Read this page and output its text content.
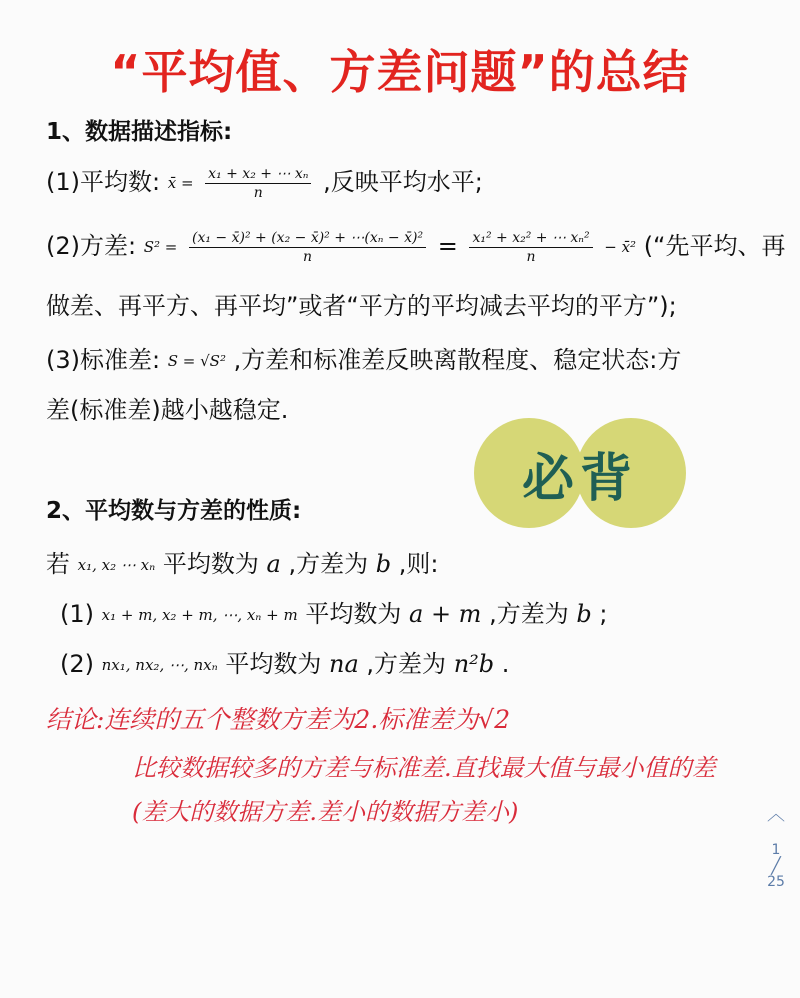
“平均值、方差问题”的总结
1、数据描述指标:
(1)平均数: x̄ = $\frac{\text{x₁ + x₂ + ⋯ xₙ}}{n}$ ,反映平均水平;
(2)方差: $S^2 = \frac{\text{(x₁ − x̄)² + (x₂ − x̄)² + ⋯(xₙ − x̄)²}}{n} = \frac{\text{x₁² + x₂² + ⋯ xₙ²}}{n}$ − x̄² (“先平均、再
做差、再平方、再平均”或者“平方的平均减去平均的平方”);
(3)标准差: S = √S² ,方差和标准差反映离散程度、稳定状态:方
差(标准差)越小越稳定.
必背
2、平均数与方差的性质:
若 x₁, x₂ ⋯ xₙ 平均数为 a ,方差为 b ,则:
(1) x₁ + m, x₂ + m, ⋯, xₙ + m 平均数为 a + m ,方差为 b ;
(2) nx₁, nx₂, ⋯, nxₙ 平均数为 na ,方差为 n²b .
结论:连续的五个整数方差为2.标准差为√2
比较数据较多的方差与标准差.直找最大值与最小值的差
(差大的数据方差.差小的数据方差小)	︿
1
╱
25
